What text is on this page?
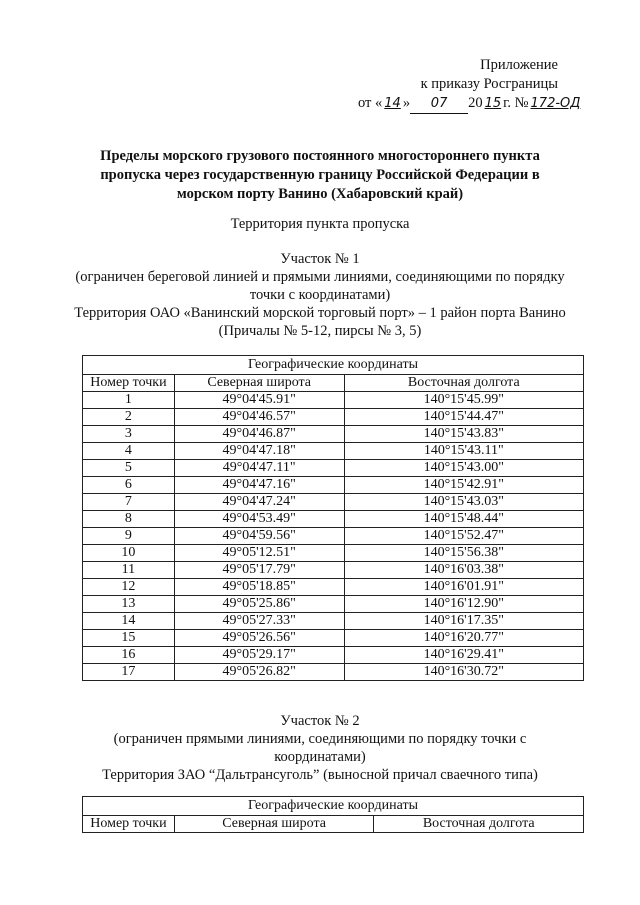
Приложение
к приказу Росграницы
от « 14 » 07 20 15 г. № 172-ОД
Пределы морского грузового постоянного многостороннего пункта
пропуска через государственную границу Российской Федерации в
морском порту Ванино (Хабаровский край)
Территория пункта пропуска
Участок № 1
(ограничен береговой линией и прямыми линиями, соединяющими по порядку
точки с координатами)
Территория ОАО «Ванинский морской торговый порт» – 1 район порта Ванино
(Причалы № 5-12, пирсы № 3, 5)
Географические координаты		
Номер точки	Северная широта	Восточная долгота
1	49°04'45.91"	140°15'45.99"
2	49°04'46.57"	140°15'44.47"
3	49°04'46.87"	140°15'43.83"
4	49°04'47.18"	140°15'43.11"
5	49°04'47.11"	140°15'43.00"
6	49°04'47.16"	140°15'42.91"
7	49°04'47.24"	140°15'43.03"
8	49°04'53.49"	140°15'48.44"
9	49°04'59.56"	140°15'52.47"
10	49°05'12.51"	140°15'56.38"
11	49°05'17.79"	140°16'03.38"
12	49°05'18.85"	140°16'01.91"
13	49°05'25.86"	140°16'12.90"
14	49°05'27.33"	140°16'17.35"
15	49°05'26.56"	140°16'20.77"
16	49°05'29.17"	140°16'29.41"
17	49°05'26.82"	140°16'30.72"
Участок № 2
(ограничен прямыми линиями, соединяющими по порядку точки с
координатами)
Территория ЗАО “Дальтрансуголь” (выносной причал свaечного типа)
Географические координаты
Номер точки	Северная широта	Восточная долгота
